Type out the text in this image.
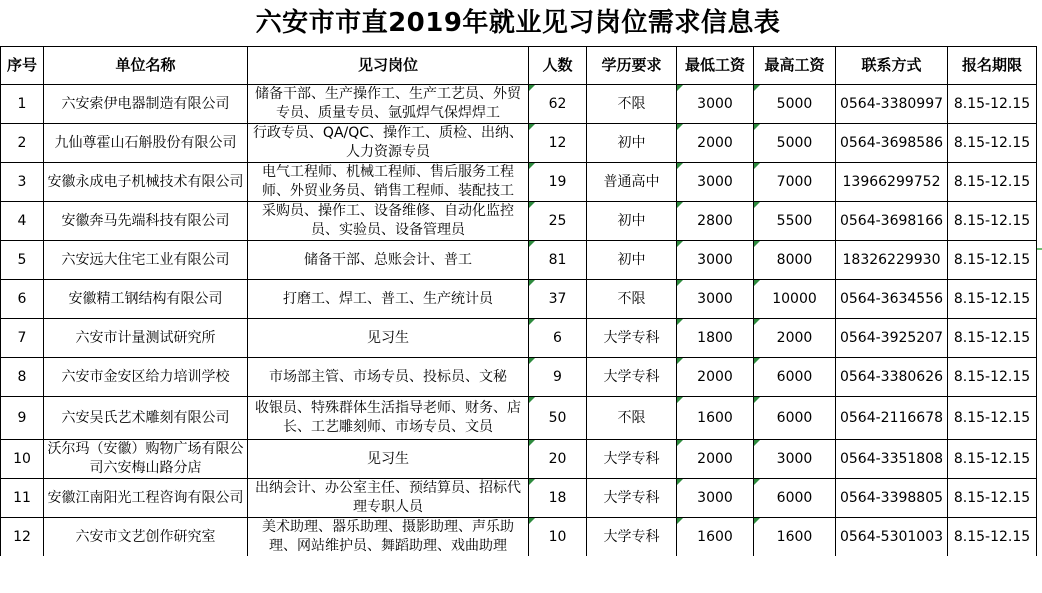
六安市市直2019年就业见习岗位需求信息表
序号	单位名称	见习岗位	人数	学历要求	最低工资	最高工资	联系方式	报名期限
1	六安索伊电器制造有限公司	储备干部、生产操作工、生产工艺员、外贸专员、质量专员、氩弧焊气保焊焊工	62	不限	3000	5000	0564-3380997	8.15-12.15
2	九仙尊霍山石斛股份有限公司	行政专员、QA/QC、操作工、质检、出纳、人力资源专员	12	初中	2000	5000	0564-3698586	8.15-12.15
3	安徽永成电子机械技术有限公司	电气工程师、机械工程师、售后服务工程师、外贸业务员、销售工程师、装配技工	19	普通高中	3000	7000	13966299752	8.15-12.15
4	安徽奔马先端科技有限公司	采购员、操作工、设备维修、自动化监控员、实验员、设备管理员	25	初中	2800	5500	0564-3698166	8.15-12.15
5	六安远大住宅工业有限公司	储备干部、总账会计、普工	81	初中	3000	8000	18326229930	8.15-12.15
6	安徽精工钢结构有限公司	打磨工、焊工、普工、生产统计员	37	不限	3000	10000	0564-3634556	8.15-12.15
7	六安市计量测试研究所	见习生	6	大学专科	1800	2000	0564-3925207	8.15-12.15
8	六安市金安区给力培训学校	市场部主管、市场专员、投标员、文秘	9	大学专科	2000	6000	0564-3380626	8.15-12.15
9	六安吴氏艺术雕刻有限公司	收银员、特殊群体生活指导老师、财务、店长、工艺雕刻师、市场专员、文员	50	不限	1600	6000	0564-2116678	8.15-12.15
10	沃尔玛（安徽）购物广场有限公司六安梅山路分店	见习生	20	大学专科	2000	3000	0564-3351808	8.15-12.15
11	安徽江南阳光工程咨询有限公司	出纳会计、办公室主任、预结算员、招标代理专职人员	18	大学专科	3000	6000	0564-3398805	8.15-12.15
12	六安市文艺创作研究室	美术助理、器乐助理、摄影助理、声乐助理、网站维护员、舞蹈助理、戏曲助理	10	大学专科	1600	1600	0564-5301003	8.15-12.15
